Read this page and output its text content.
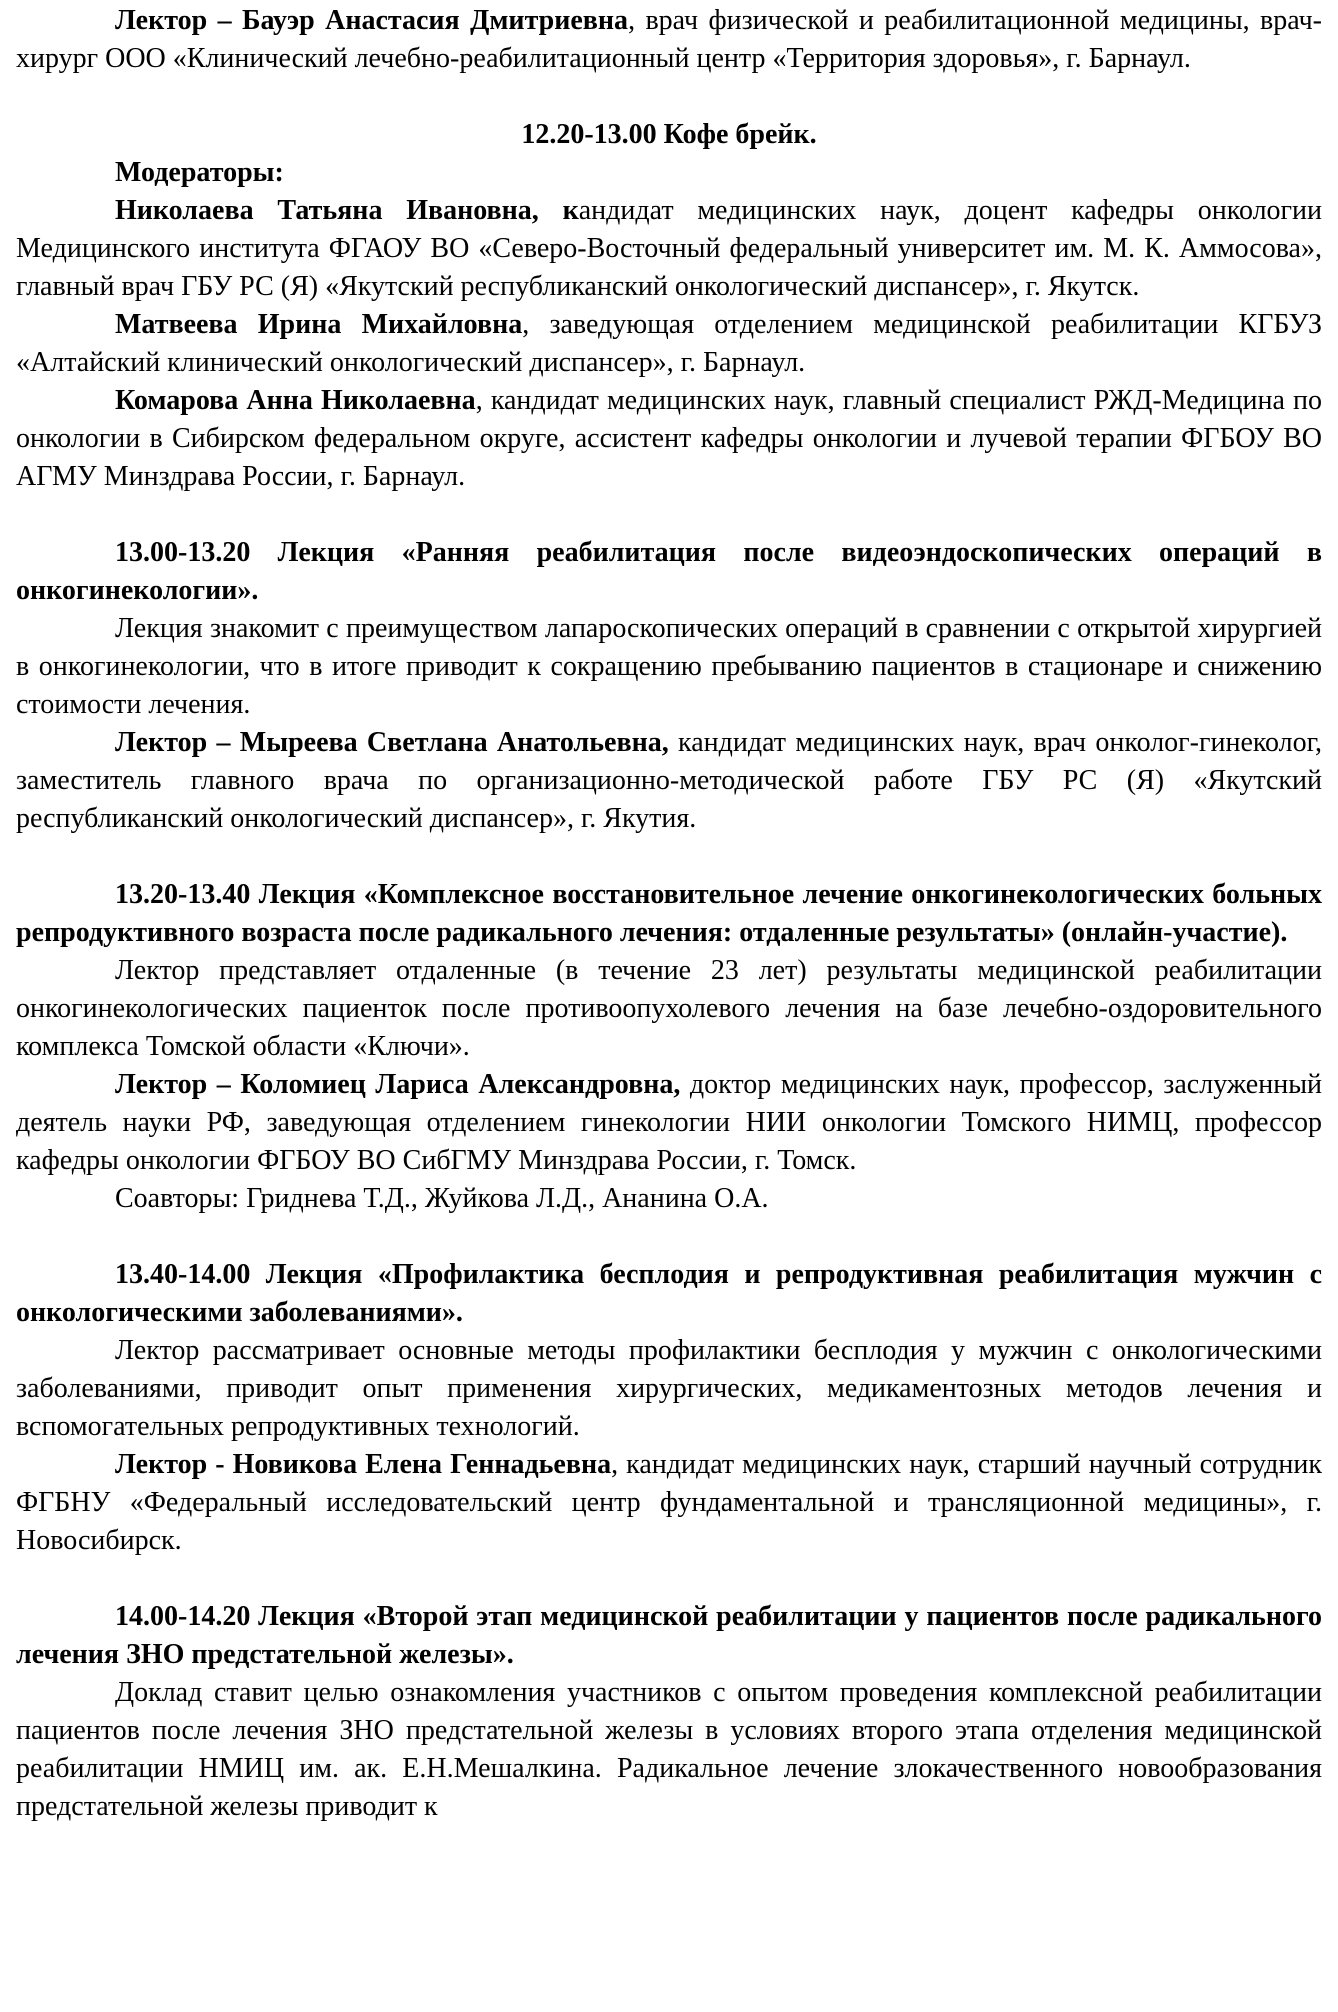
Лектор – Бауэр Анастасия Дмитриевна, врач физической и реабилитационной медицины, врач-хирург ООО «Клинический лечебно-реабилитационный центр «Территория здоровья», г. Барнаул.

12.20-13.00 Кофе брейк.

Модераторы:

Николаева Татьяна Ивановна, кандидат медицинских наук, доцент кафедры онкологии Медицинского института ФГАОУ ВО «Северо-Восточный федеральный университет им. М. К. Аммосова», главный врач ГБУ РС (Я) «Якутский республиканский онкологический диспансер», г. Якутск.

Матвеева Ирина Михайловна, заведующая отделением медицинской реабилитации КГБУЗ «Алтайский клинический онкологический диспансер», г. Барнаул.

Комарова Анна Николаевна, кандидат медицинских наук, главный специалист РЖД-Медицина по онкологии в Сибирском федеральном округе, ассистент кафедры онкологии и лучевой терапии ФГБОУ ВО АГМУ Минздрава России, г. Барнаул.

13.00-13.20 Лекция «Ранняя реабилитация после видеоэндоскопических операций в онкогинекологии».

Лекция знакомит с преимуществом лапароскопических операций в сравнении с открытой хирургией в онкогинекологии, что в итоге приводит к сокращению пребыванию пациентов в стационаре и снижению стоимости лечения.

Лектор – Мыреева Светлана Анатольевна, кандидат медицинских наук, врач онколог-гинеколог, заместитель главного врача по организационно-методической работе ГБУ РС (Я) «Якутский республиканский онкологический диспансер», г. Якутия.

13.20-13.40 Лекция «Комплексное восстановительное лечение онкогинекологических больных репродуктивного возраста после радикального лечения: отдаленные результаты» (онлайн-участие).

Лектор представляет отдаленные (в течение 23 лет) результаты медицинской реабилитации онкогинекологических пациенток после противоопухолевого лечения на базе лечебно-оздоровительного комплекса Томской области «Ключи».

Лектор – Коломиец Лариса Александровна, доктор медицинских наук, профессор, заслуженный деятель науки РФ, заведующая отделением гинекологии НИИ онкологии Томского НИМЦ, профессор кафедры онкологии ФГБОУ ВО СибГМУ Минздрава России, г. Томск.

Соавторы: Гриднева Т.Д., Жуйкова Л.Д., Ананина О.А.

13.40-14.00 Лекция «Профилактика бесплодия и репродуктивная реабилитация мужчин с онкологическими заболеваниями».

Лектор рассматривает основные методы профилактики бесплодия у мужчин с онкологическими заболеваниями, приводит опыт применения хирургических, медикаментозных методов лечения и вспомогательных репродуктивных технологий.

Лектор - Новикова Елена Геннадьевна, кандидат медицинских наук, старший научный сотрудник ФГБНУ «Федеральный исследовательский центр фундаментальной и трансляционной медицины», г. Новосибирск.

14.00-14.20 Лекция «Второй этап медицинской реабилитации у пациентов после радикального лечения ЗНО предстательной железы».

Доклад ставит целью ознакомления участников с опытом проведения комплексной реабилитации пациентов после лечения ЗНО предстательной железы в условиях второго этапа отделения медицинской реабилитации НМИЦ им. ак. Е.Н.Мешалкина. Радикальное лечение злокачественного новообразования предстательной железы приводит к
